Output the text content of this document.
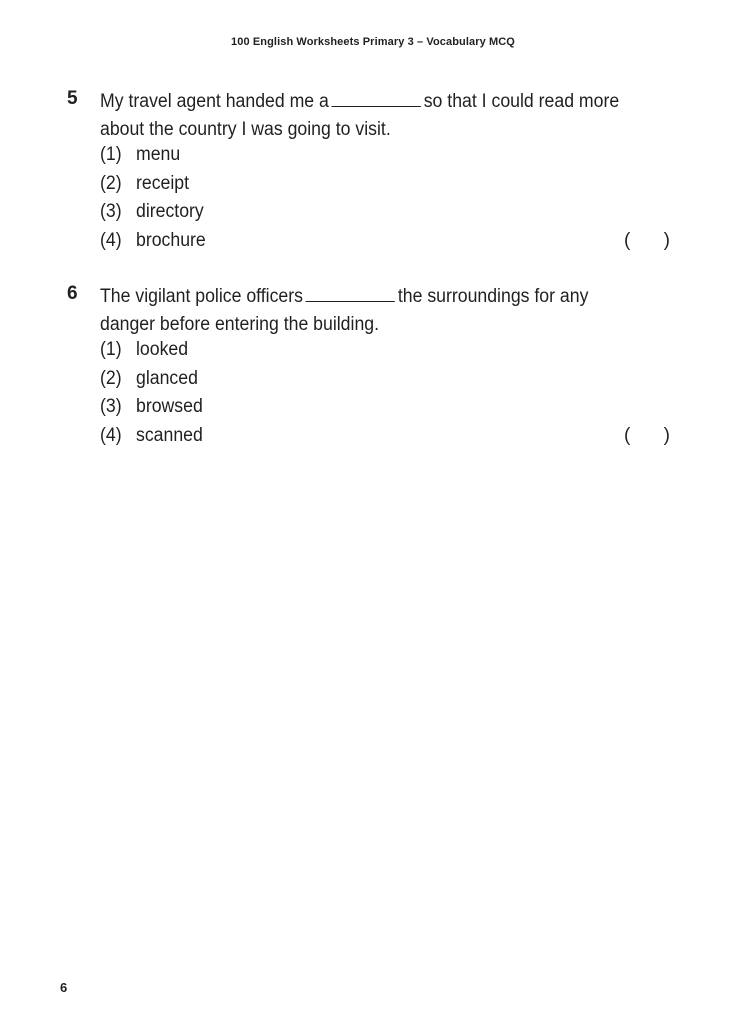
100 English Worksheets Primary 3 – Vocabulary MCQ
5 My travel agent handed me a	so that I could read more about the country I was going to visit.
(1) menu
(2) receipt
(3) directory
(4) brochure	( )
6 The vigilant police officers	the surroundings for any danger before entering the building.
(1) looked
(2) glanced
(3) browsed
(4) scanned	( )
6
